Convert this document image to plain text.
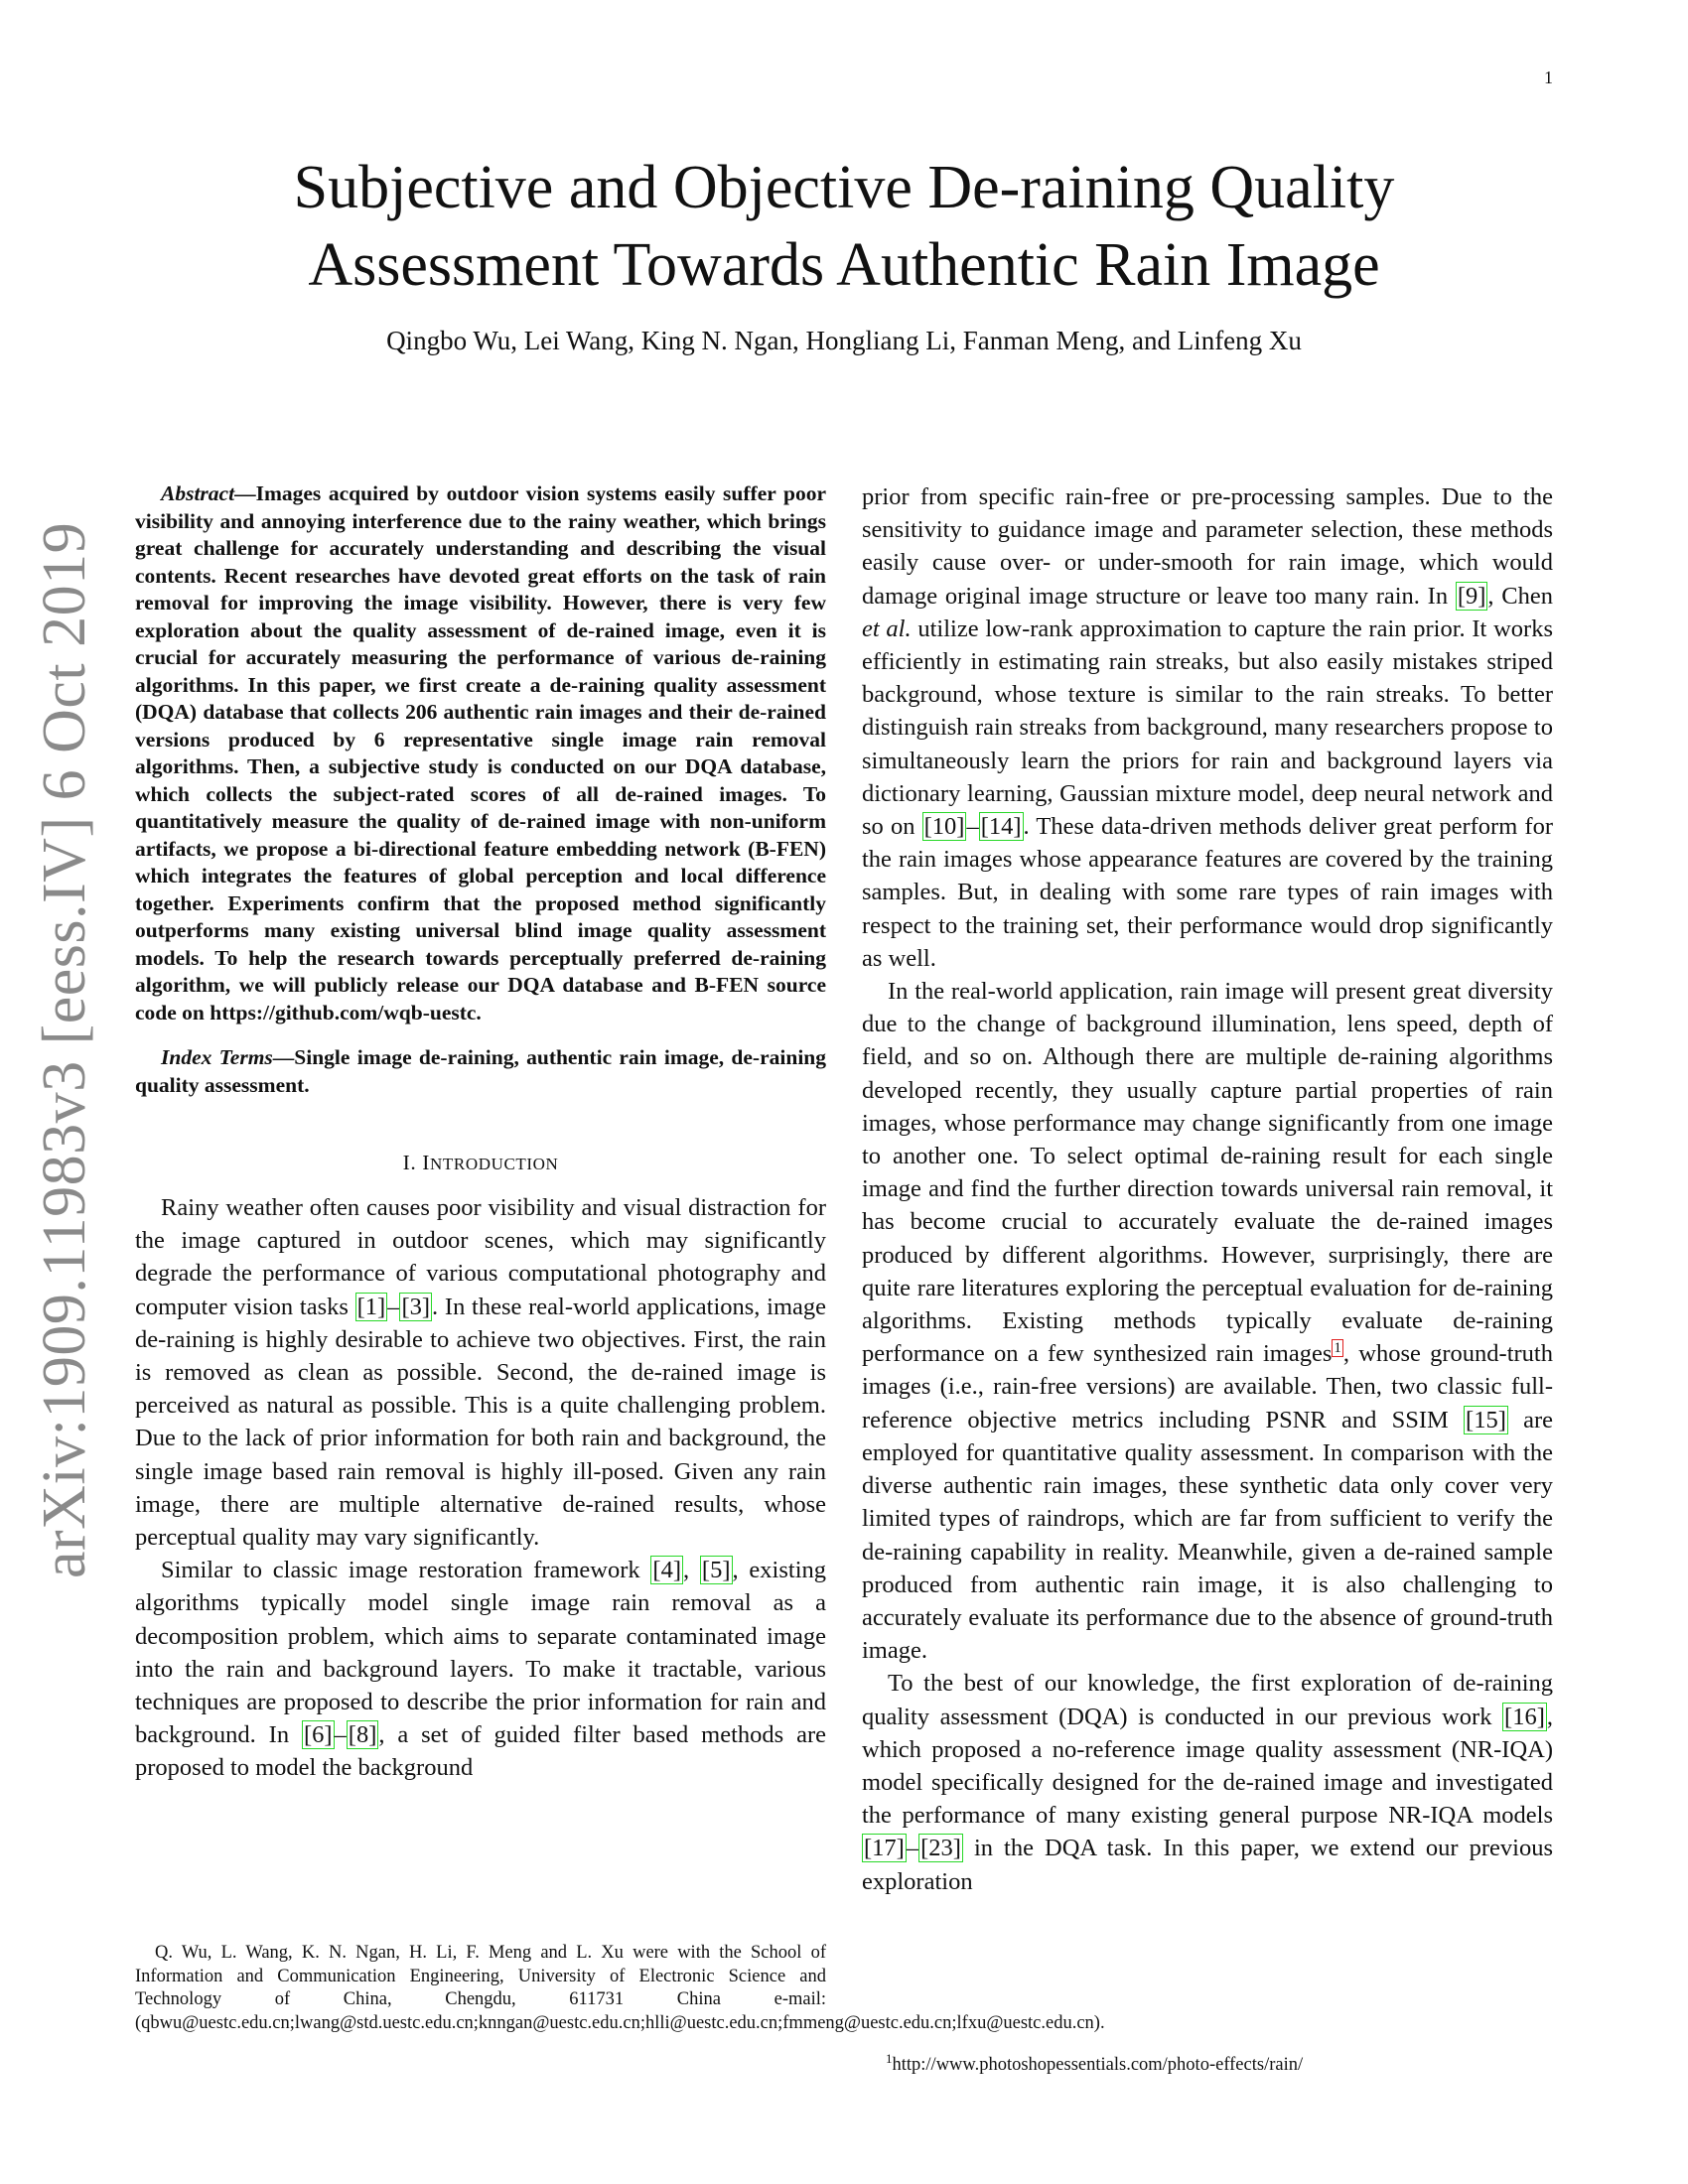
1
arXiv:1909.11983v3 [eess.IV] 6 Oct 2019
Subjective and Objective De-raining Quality
Assessment Towards Authentic Rain Image
Qingbo Wu, Lei Wang, King N. Ngan, Hongliang Li, Fanman Meng, and Linfeng Xu

Abstract—Images acquired by outdoor vision systems easily suffer poor visibility and annoying interference due to the rainy weather, which brings great challenge for accurately understanding and describing the visual contents. Recent researches have devoted great efforts on the task of rain removal for improving the image visibility. However, there is very few exploration about the quality assessment of de-rained image, even it is crucial for accurately measuring the performance of various de-raining algorithms. In this paper, we first create a de-raining quality assessment (DQA) database that collects 206 authentic rain images and their de-rained versions produced by 6 representative single image rain removal algorithms. Then, a subjective study is conducted on our DQA database, which collects the subject-rated scores of all de-rained images. To quantitatively measure the quality of de-rained image with non-uniform artifacts, we propose a bi-directional feature embedding network (B-FEN) which integrates the features of global perception and local difference together. Experiments confirm that the proposed method significantly outperforms many existing universal blind image quality assessment models. To help the research towards perceptually preferred de-raining algorithm, we will publicly release our DQA database and B-FEN source code on https://github.com/wqb-uestc.

Index Terms—Single image de-raining, authentic rain image, de-raining quality assessment.

I. INTRODUCTION

Rainy weather often causes poor visibility and visual distraction for the image captured in outdoor scenes, which may significantly degrade the performance of various computational photography and computer vision tasks [1]–[3]. In these real-world applications, image de-raining is highly desirable to achieve two objectives. First, the rain is removed as clean as possible. Second, the de-rained image is perceived as natural as possible. This is a quite challenging problem. Due to the lack of prior information for both rain and background, the single image based rain removal is highly ill-posed. Given any rain image, there are multiple alternative de-rained results, whose perceptual quality may vary significantly.

Similar to classic image restoration framework [4], [5], existing algorithms typically model single image rain removal as a decomposition problem, which aims to separate contaminated image into the rain and background layers. To make it tractable, various techniques are proposed to describe the prior information for rain and background. In [6]–[8], a set of guided filter based methods are proposed to model the background

prior from specific rain-free or pre-processing samples. Due to the sensitivity to guidance image and parameter selection, these methods easily cause over- or under-smooth for rain image, which would damage original image structure or leave too many rain. In [9], Chen et al. utilize low-rank approximation to capture the rain prior. It works efficiently in estimating rain streaks, but also easily mistakes striped background, whose texture is similar to the rain streaks. To better distinguish rain streaks from background, many researchers propose to simultaneously learn the priors for rain and background layers via dictionary learning, Gaussian mixture model, deep neural network and so on [10]–[14]. These data-driven methods deliver great perform for the rain images whose appearance features are covered by the training samples. But, in dealing with some rare types of rain images with respect to the training set, their performance would drop significantly as well.

In the real-world application, rain image will present great diversity due to the change of background illumination, lens speed, depth of field, and so on. Although there are multiple de-raining algorithms developed recently, they usually capture partial properties of rain images, whose performance may change significantly from one image to another one. To select optimal de-raining result for each single image and find the further direction towards universal rain removal, it has become crucial to accurately evaluate the de-rained images produced by different algorithms. However, surprisingly, there are quite rare literatures exploring the perceptual evaluation for de-raining algorithms. Existing methods typically evaluate de-raining performance on a few synthesized rain images $^1$, whose ground-truth images (i.e., rain-free versions) are available. Then, two classic full-reference objective metrics including PSNR and SSIM [15] are employed for quantitative quality assessment. In comparison with the diverse authentic rain images, these synthetic data only cover very limited types of raindrops, which are far from sufficient to verify the de-raining capability in reality. Meanwhile, given a de-rained sample produced from authentic rain image, it is also challenging to accurately evaluate its performance due to the absence of ground-truth image.

To the best of our knowledge, the first exploration of de-raining quality assessment (DQA) is conducted in our previous work [16], which proposed a no-reference image quality assessment (NR-IQA) model specifically designed for the de-rained image and investigated the performance of many existing general purpose NR-IQA models [17]–[23] in the DQA task. In this paper, we extend our previous exploration

Q. Wu, L. Wang, K. N. Ngan, H. Li, F. Meng and L. Xu were with the School of Information and Communication Engineering, University of Electronic Science and Technology of China, Chengdu, 611731 China e-mail: (qbwu@uestc.edu.cn;lwang@std.uestc.edu.cn;knngan@uestc.edu.cn;hlli@uestc.edu.cn;fmmeng@uestc.edu.cn;lfxu@uestc.edu.cn).
$^1$http://www.photoshopessentials.com/photo-effects/rain/
